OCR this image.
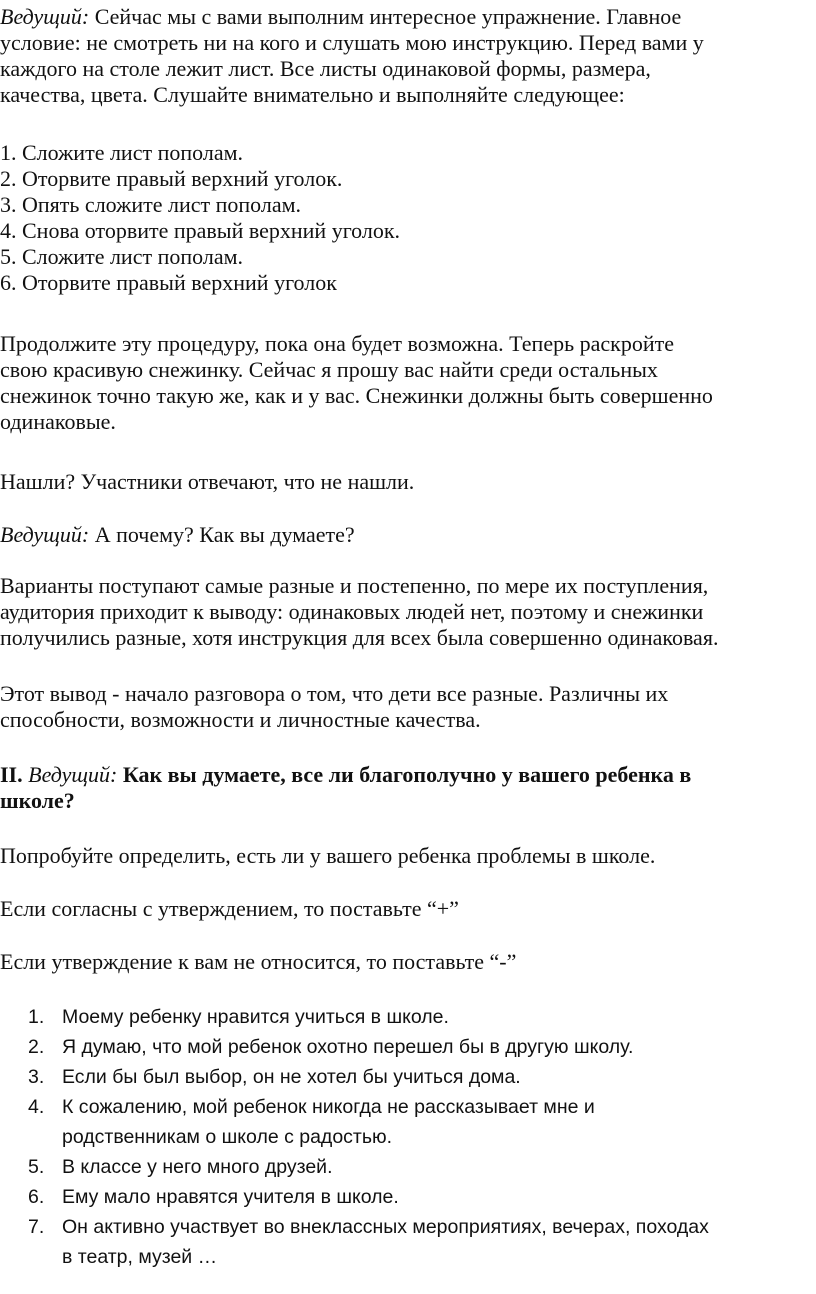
Ведущий: Сейчас мы с вами выполним интересное упражнение. Главное
условие: не смотреть ни на кого и слушать мою инструкцию. Перед вами у
каждого на столе лежит лист. Все листы одинаковой формы, размера,
качества, цвета. Слушайте внимательно и выполняйте следующее:
1. Сложите лист пополам.
2. Оторвите правый верхний уголок.
3. Опять сложите лист пополам.
4. Снова оторвите правый верхний уголок.
5. Сложите лист пополам.
6. Оторвите правый верхний уголок
Продолжите эту процедуру, пока она будет возможна. Теперь раскройте
свою красивую снежинку. Сейчас я прошу вас найти среди остальных
снежинок точно такую же, как и у вас. Снежинки должны быть совершенно
одинаковые.
Нашли? Участники отвечают, что не нашли.
Ведущий: А почему? Как вы думаете?
Варианты поступают самые разные и постепенно, по мере их поступления,
аудитория приходит к выводу: одинаковых людей нет, поэтому и снежинки
получились разные, хотя инструкция для всех была совершенно одинаковая.
Этот вывод - начало разговора о том, что дети все разные. Различны их
способности, возможности и личностные качества.
II. Ведущий: Как вы думаете, все ли благополучно у вашего ребенка в
школе?
Попробуйте определить, есть ли у вашего ребенка проблемы в школе.
Если согласны с утверждением, то поставьте “+”
Если утверждение к вам не относится, то поставьте “-”
1. Моему ребенку нравится учиться в школе.
2. Я думаю, что мой ребенок охотно перешел бы в другую школу.
3. Если бы был выбор, он не хотел бы учиться дома.
4. К сожалению, мой ребенок никогда не рассказывает мне и
родственникам о школе с радостью.
5. В классе у него много друзей.
6. Ему мало нравятся учителя в школе.
7. Он активно участвует во внеклассных мероприятиях, вечерах, походах
в театр, музей …
